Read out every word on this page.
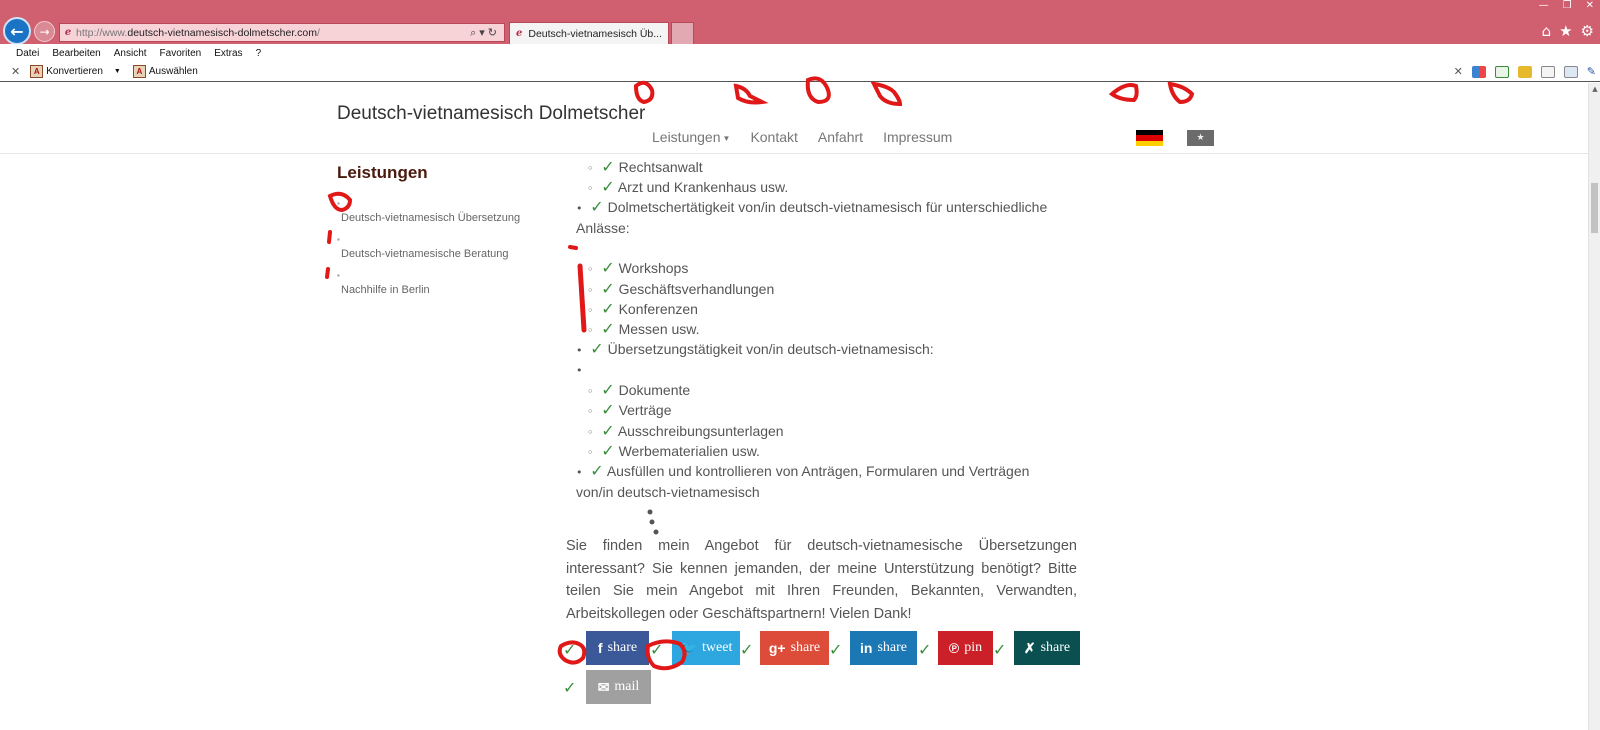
←	→	e http://www.deutsch-vietnamesisch-dolmetscher.com/	⌕▾↻	e Deutsch-vietnamesisch Üb...
— ❐ ✕
⌂ ★ ⚙
Datei Bearbeiten Ansicht Favoriten Extras ?
✕	A Konvertieren ▼	A Auswählen	✕	✎
Deutsch-vietnamesisch Dolmetscher
Leistungen ▼ Kontakt Anfahrt Impressum	★
▲
Leistungen
▪
Deutsch-vietnamesisch Übersetzung
▪
Deutsch-vietnamesische Beratung
▪
Nachhilfe in Berlin
◦ ✓ Rechtsanwalt
◦ ✓ Arzt und Krankenhaus usw.
• ✓ Dolmetschertätigkeit von/in deutsch-vietnamesisch für unterschiedliche
Anlässe:
◦ ✓ Workshops
◦ ✓ Geschäftsverhandlungen
◦ ✓ Konferenzen
◦ ✓ Messen usw.
• ✓ Übersetzungstätigkeit von/in deutsch-vietnamesisch:
•
◦ ✓ Dokumente
◦ ✓ Verträge
◦ ✓ Ausschreibungsunterlagen
◦ ✓ Werbematerialien usw.
• ✓ Ausfüllen und kontrollieren von Anträgen, Formularen und Verträgen
von/in deutsch-vietnamesisch
Sie finden mein Angebot für deutsch-vietnamesische Übersetzungen interessant? Sie kennen jemanden, der meine Unterstützung benötigt? Bitte teilen Sie mein Angebot mit Ihren Freunden, Bekannten, Verwandten, Arbeitskollegen oder Geschäftspartnern! Vielen Dank!
✓ f share ✓ 🐦 tweet ✓ g+ share ✓ in share ✓ ℗ pin ✓ ✗ share
✓ ✉ mail
